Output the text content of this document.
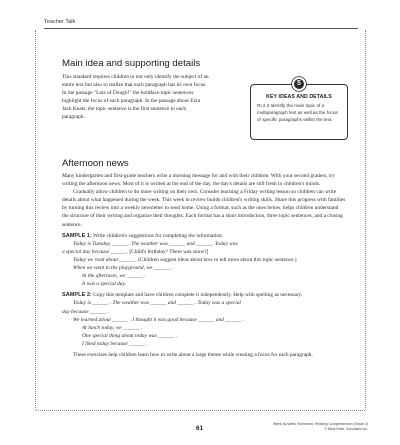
Teacher Talk
Main idea and supporting details
This standard requires children to not only identify the subject of an entire text but also to realize that each paragraph has its own focus. In the passage "Lots of Dough!" the boldface topic sentences highlight the focus of each paragraph. In the passage about Ezra Jack Keats, the topic sentence is the first sentence in each paragraph.
5
KEY IDEAS AND DETAILS
RI.2.2 Identify the main topic of a multiparagraph text as well as the focus of specific paragraphs within the text.
Afternoon news

Many kindergarten and first-grade teachers write a morning message for and with their children. With your second graders, try writing the afternoon news. Most of it is written at the end of the day, the day's details are still fresh in children's minds.

Gradually allow children to do more writing on their own. Consider teaching a Friday writing lesson so children can write details about what happened during the week. This week in review builds children's writing skills. Share this progress with families by turning this review into a weekly newsletter to send home. Using a format, such as the ones below, helps children understand the structure of their writing and organize their thoughts. Each format has a short introduction, three topic sentences, and a closing sentence.

SAMPLE 1: Write children's suggestions for completing the information.
Today is Tuesday, ______. The weather was ______ and ______. Today was
a special day because ______. [Child's birthday? There was snow?]
Today we read about ______. (Children suggest ideas about how to tell more about this topic sentence.)
When we went to the playground, we ______ .
In the afternoon, we ______ .
It was a special day.
SAMPLE 2: Copy this template and have children complete it independently. Help with spelling as necessary.
Today is ______ . The weather was ______ and ______ . Today was a special
day because ______ .
We learned about ______ . I thought it was good because ______ and ______ .
At lunch today, we ______ .
One special thing about today was ______ .
I liked today because ______ .

These exercises help children learn how to write about a large theme while creating a focus for each paragraph.

61
Week-by-Week Homework: Reading Comprehension (Grade 2)
© Mary Rose, Scholastic Inc.
